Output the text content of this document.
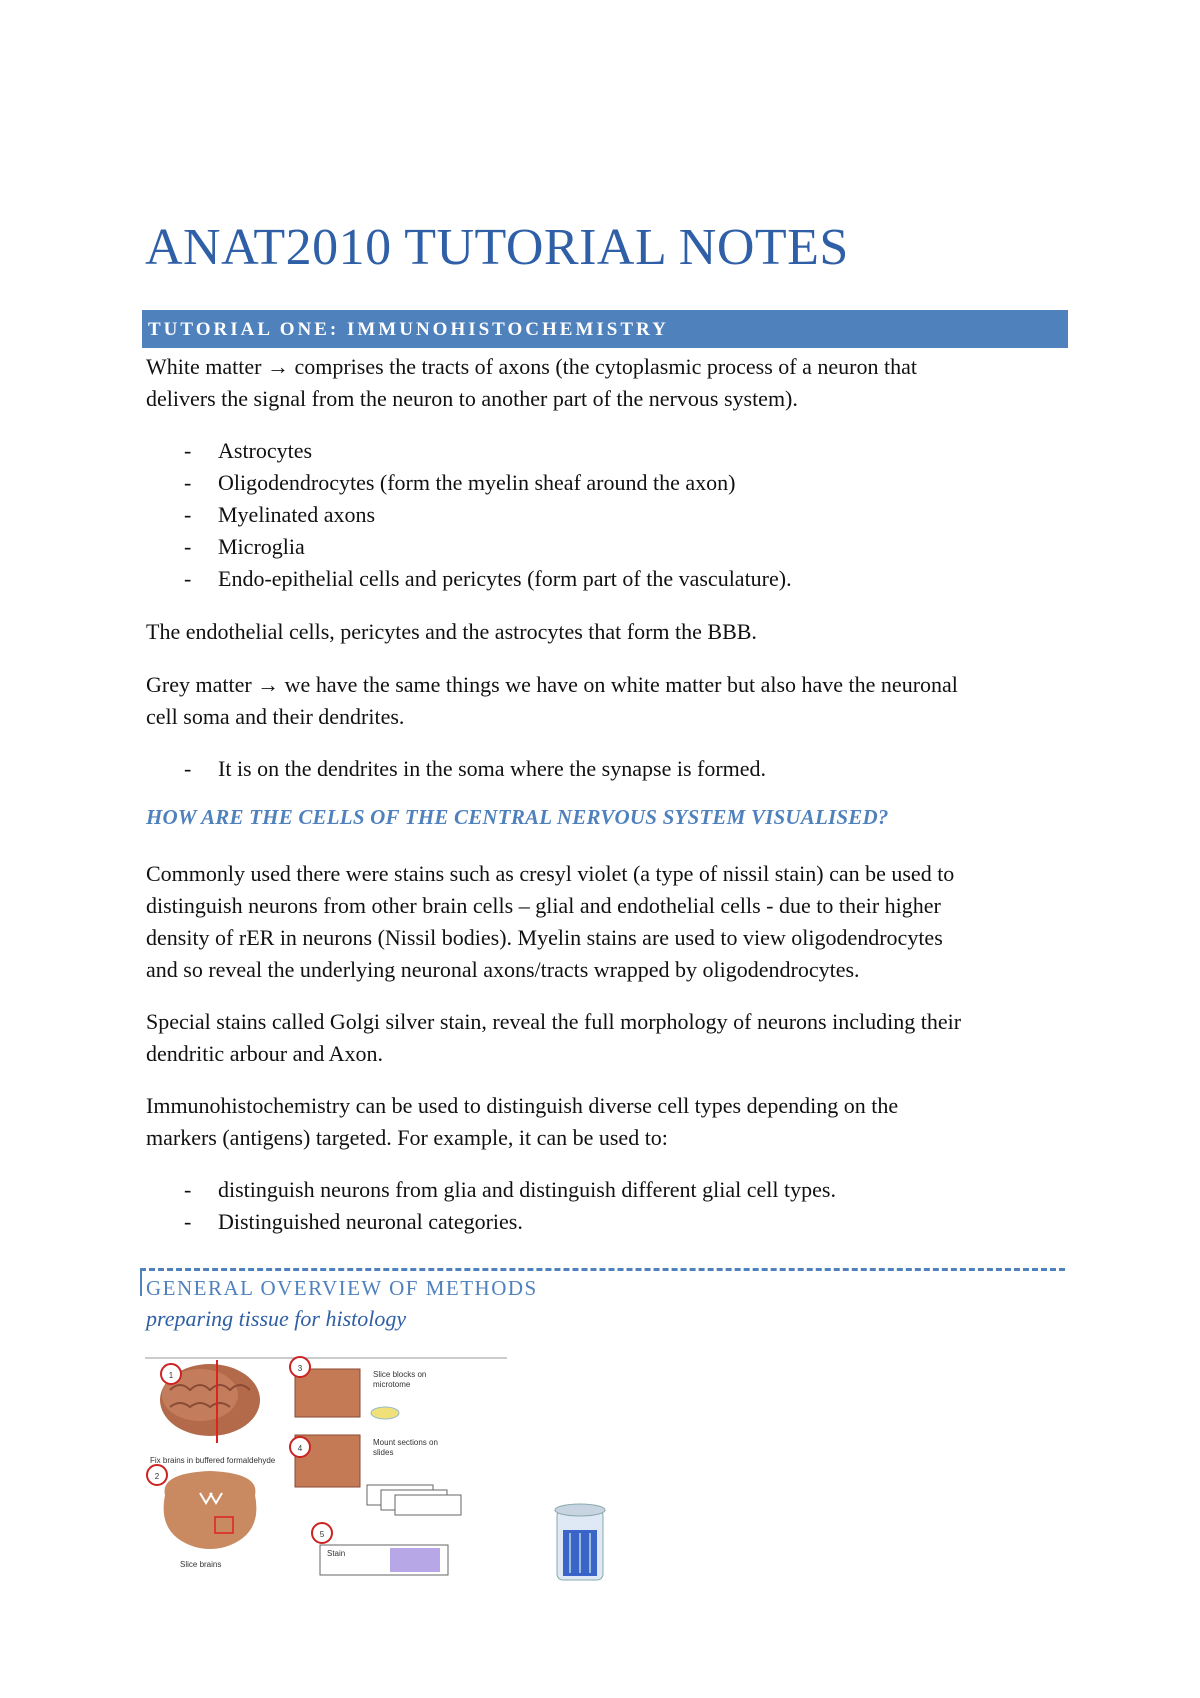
ANAT2010 TUTORIAL NOTES
TUTORIAL ONE: IMMUNOHISTOCHEMISTRY
White matter → comprises the tracts of axons (the cytoplasmic process of a neuron that
delivers the signal from the neuron to another part of the nervous system).
- Astrocytes
- Oligodendrocytes (form the myelin sheaf around the axon)
- Myelinated axons
- Microglia
- Endo-epithelial cells and pericytes (form part of the vasculature).
The endothelial cells, pericytes and the astrocytes that form the BBB.
Grey matter → we have the same things we have on white matter but also have the neuronal
cell soma and their dendrites.
- It is on the dendrites in the soma where the synapse is formed.
HOW ARE THE CELLS OF THE CENTRAL NERVOUS SYSTEM VISUALISED?
Commonly used there were stains such as cresyl violet (a type of nissil stain) can be used to
distinguish neurons from other brain cells – glial and endothelial cells - due to their higher
density of rER in neurons (Nissil bodies). Myelin stains are used to view oligodendrocytes
and so reveal the underlying neuronal axons/tracts wrapped by oligodendrocytes.
Special stains called Golgi silver stain, reveal the full morphology of neurons including their
dendritic arbour and Axon.
Immunohistochemistry can be used to distinguish diverse cell types depending on the
markers (antigens) targeted. For example, it can be used to:
- distinguish neurons from glia and distinguish different glial cell types.
- Distinguished neuronal categories.
GENERAL OVERVIEW OF METHODS
preparing tissue for histology
1
Fix brains in buffered formaldehyde
2
Slice brains
3
Slice blocks on
microtome
4
Mount sections on
slides
5
Stain
